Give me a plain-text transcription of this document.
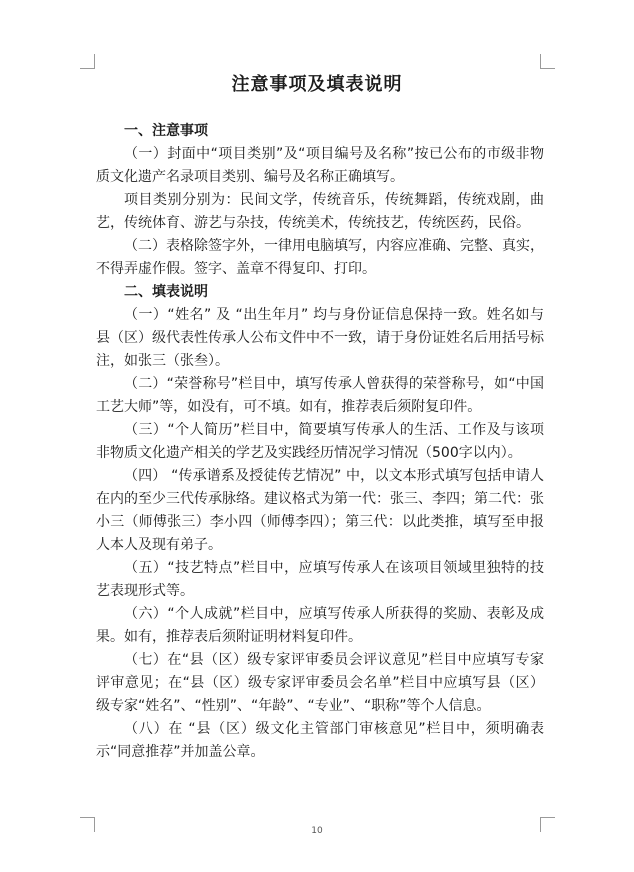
注意事项及填表说明

一、注意事项

（一）封面中“项目类别”及“项目编号及名称”按已公布的市级非物质文化遗产名录项目类别、编号及名称正确填写。

项目类别分别为：民间文学，传统音乐，传统舞蹈，传统戏剧，曲艺，传统体育、游艺与杂技，传统美术，传统技艺，传统医药，民俗。

（二）表格除签字外，一律用电脑填写，内容应准确、完整、真实，不得弄虚作假。签字、盖章不得复印、打印。

二、填表说明

（一）“姓名” 及 “出生年月” 均与身份证信息保持一致。姓名如与县（区）级代表性传承人公布文件中不一致，请于身份证姓名后用括号标注，如张三（张叁）。

（二）“荣誉称号”栏目中，填写传承人曾获得的荣誉称号，如“中国工艺大师”等，如没有，可不填。如有，推荐表后须附复印件。

（三）“个人简历”栏目中，简要填写传承人的生活、工作及与该项非物质文化遗产相关的学艺及实践经历情况学习情况（500字以内）。

（四） “传承谱系及授徒传艺情况” 中，以文本形式填写包括申请人在内的至少三代传承脉络。建议格式为第一代：张三、李四；第二代：张小三（师傅张三）李小四（师傅李四）；第三代：以此类推，填写至申报人本人及现有弟子。

（五）“技艺特点”栏目中，应填写传承人在该项目领域里独特的技艺表现形式等。

（六）“个人成就”栏目中，应填写传承人所获得的奖励、表彰及成果。如有，推荐表后须附证明材料复印件。

（七）在“县（区）级专家评审委员会评议意见”栏目中应填写专家评审意见；在“县（区）级专家评审委员会名单”栏目中应填写县（区）级专家“姓名”、“性别”、“年龄”、“专业”、“职称”等个人信息。

（八）在 “县（区）级文化主管部门审核意见”栏目中，须明确表示“同意推荐”并加盖公章。

10
